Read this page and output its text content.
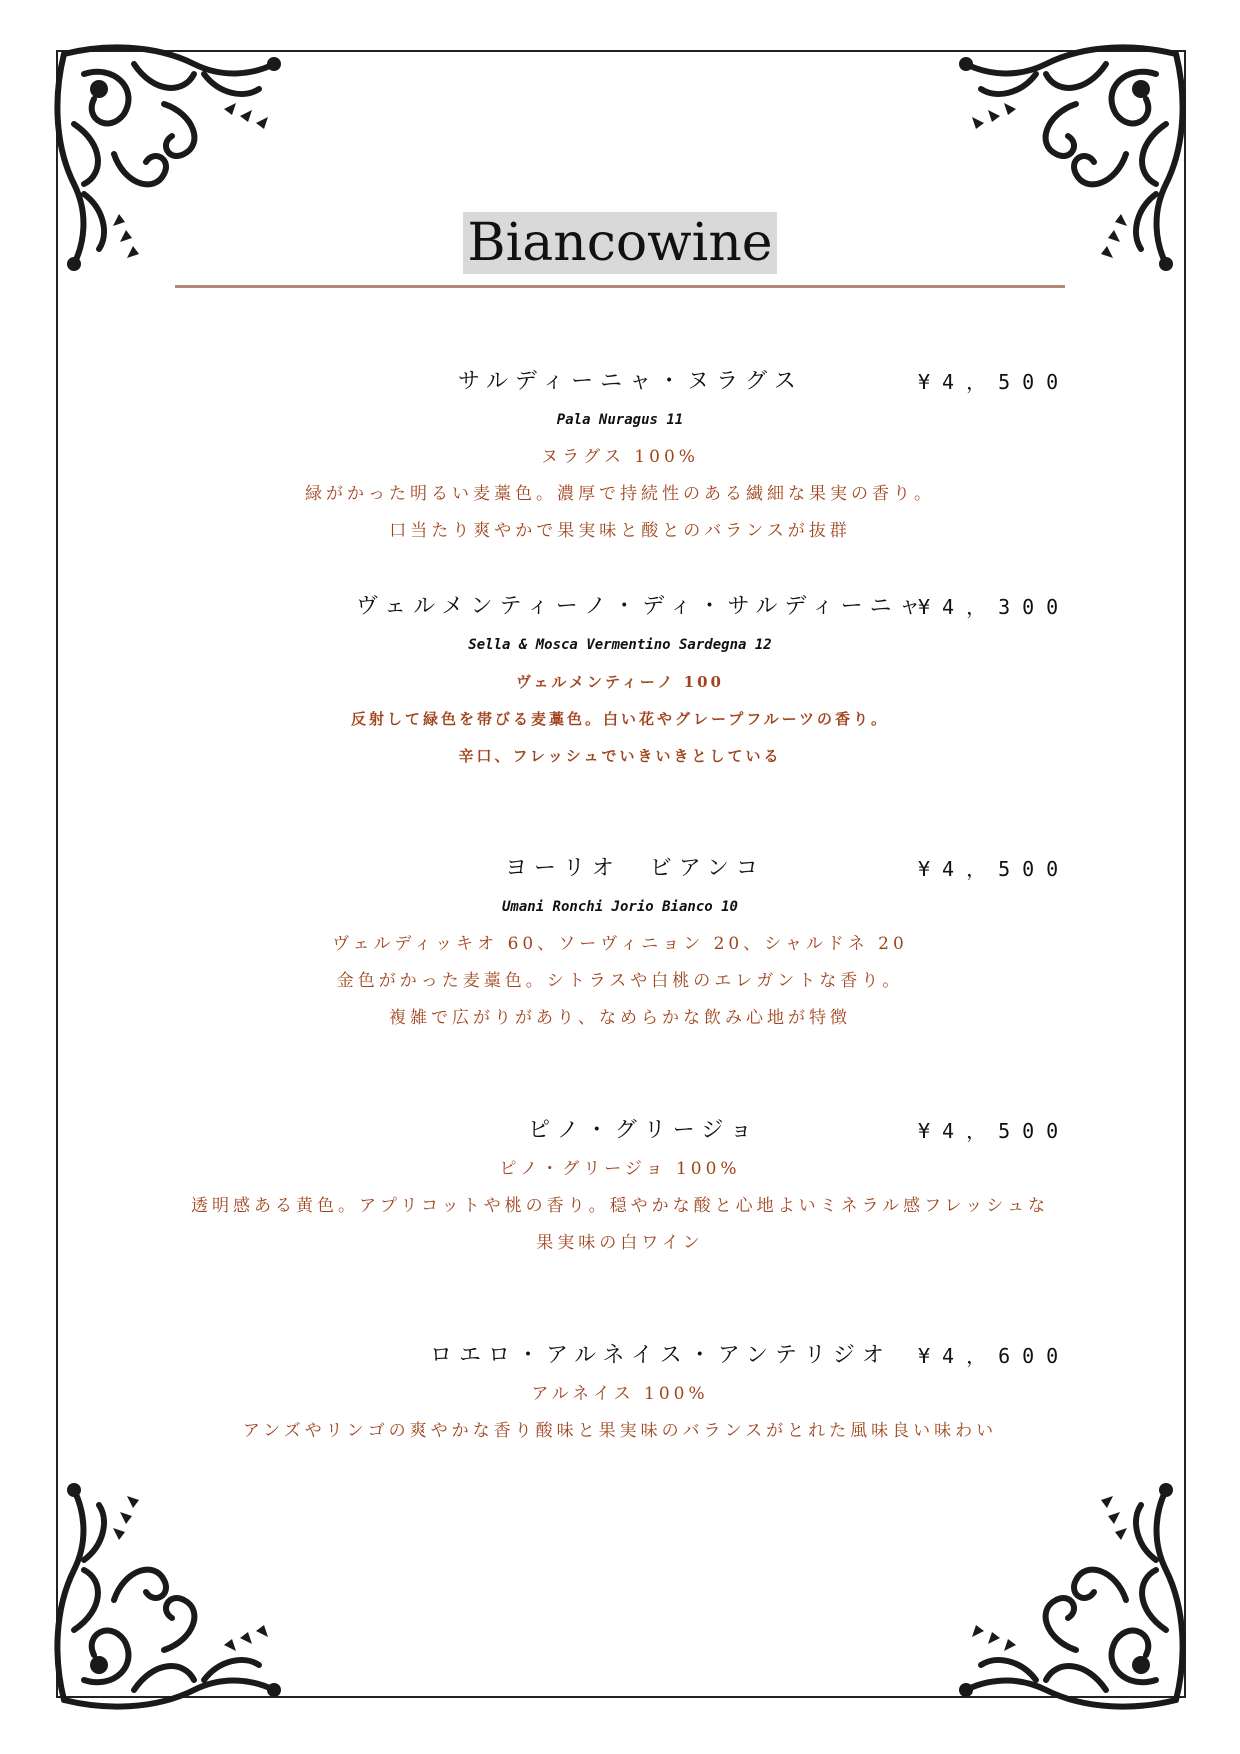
Biancowine
サルディーニャ・ヌラグス	¥4，500
Pala Nuragus 11
ヌラグス 100%
緑がかった明るい麦藁色。濃厚で持続性のある繊細な果実の香り。
口当たり爽やかで果実味と酸とのバランスが抜群
ヴェルメンティーノ・ディ・サルディーニャ
¥4，300
Sella & Mosca Vermentino Sardegna 12
ヴェルメンティーノ 100
反射して緑色を帯びる麦藁色。白い花やグレープフルーツの香り。
辛口、フレッシュでいきいきとしている
ヨーリオ　ビアンコ	¥4，500
Umani Ronchi Jorio Bianco 10
ヴェルディッキオ 60、ソーヴィニョン 20、シャルドネ 20
金色がかった麦藁色。シトラスや白桃のエレガントな香り。
複雑で広がりがあり、なめらかな飲み心地が特徴
ピノ・グリージョ	¥4，500
ピノ・グリージョ 100%
透明感ある黄色。アプリコットや桃の香り。穏やかな酸と心地よいミネラル感フレッシュな
果実味の白ワイン
ロエロ・アルネイス・アンテリジオ ¥4，600
アルネイス 100%
アンズやリンゴの爽やかな香り酸味と果実味のバランスがとれた風味良い味わい
